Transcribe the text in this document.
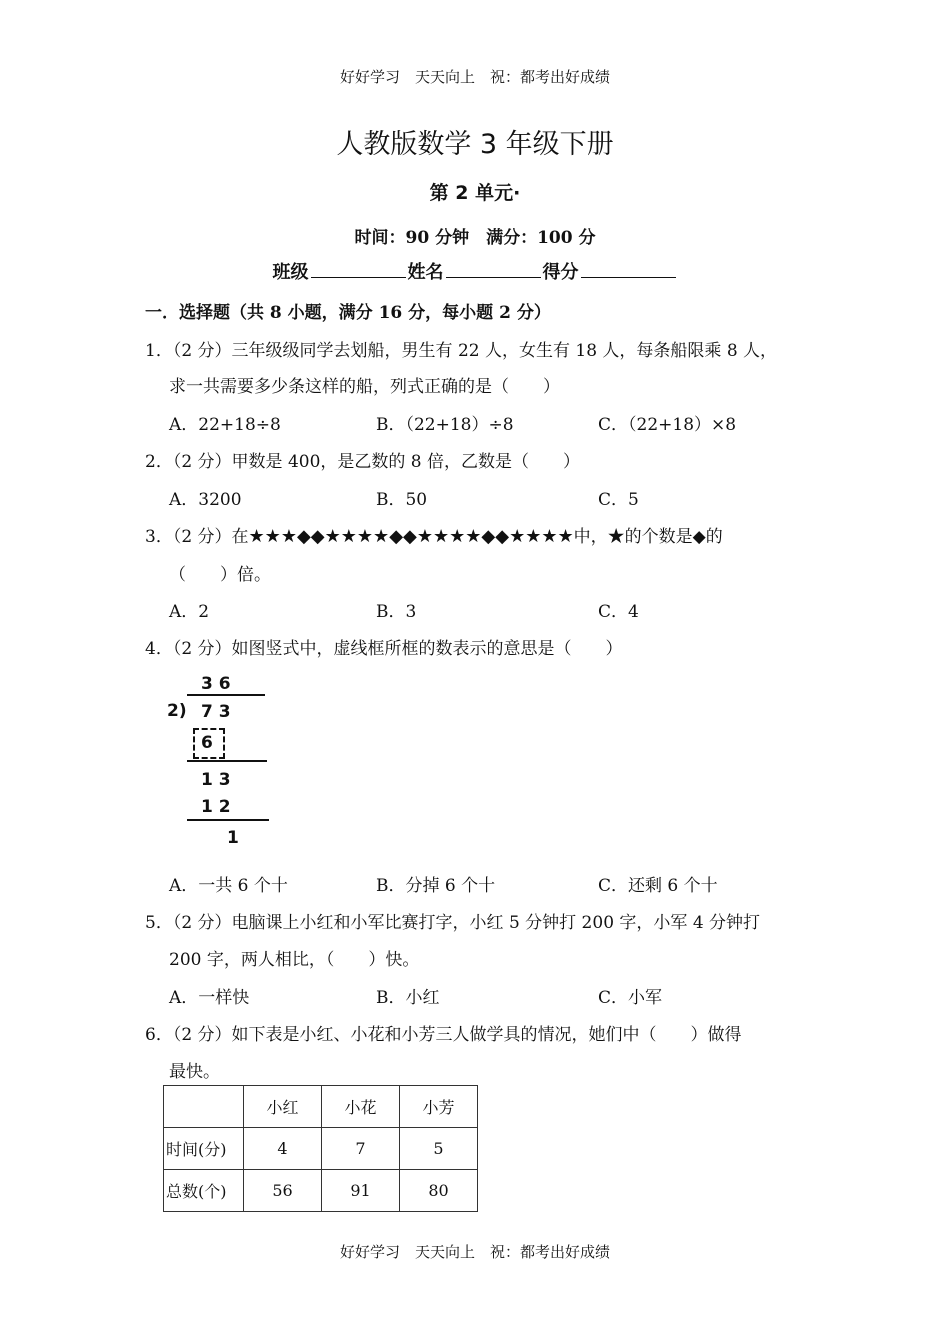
好好学习　天天向上　祝：都考出好成绩
人教版数学 3 年级下册
第 2 单元·
时间：90 分钟　满分：100 分
班级	姓名	得分
一．选择题（共 8 小题，满分 16 分，每小题 2 分）
1．（2 分）三年级级同学去划船，男生有 22 人，女生有 18 人，每条船限乘 8 人，
求一共需要多少条这样的船，列式正确的是（　　）
A．22+18÷8	B．（22+18）÷8	C．（22+18）×8
2．（2 分）甲数是 400，是乙数的 8 倍，乙数是（　　）
A．3200	B．50	C．5
3．（2 分）在★★★◆◆★★★★◆◆★★★★◆◆★★★★中，★的个数是◆的
（　　）倍。
A．2	B．3	C．4
4．（2 分）如图竖式中，虚线框所框的数表示的意思是（　　）
3 6
2) 7 3
6
1 3
1 2
1
A．一共 6 个十	B．分掉 6 个十	C．还剩 6 个十
5．（2 分）电脑课上小红和小军比赛打字，小红 5 分钟打 200 字，小军 4 分钟打
200 字，两人相比，（　　）快。
A．一样快	B．小红	C．小军
6．（2 分）如下表是小红、小花和小芳三人做学具的情况，她们中（　　）做得
最快。
	小红	小花	小芳
时间(分)	4	7	5
总数(个)	56	91	80
好好学习　天天向上　祝：都考出好成绩
